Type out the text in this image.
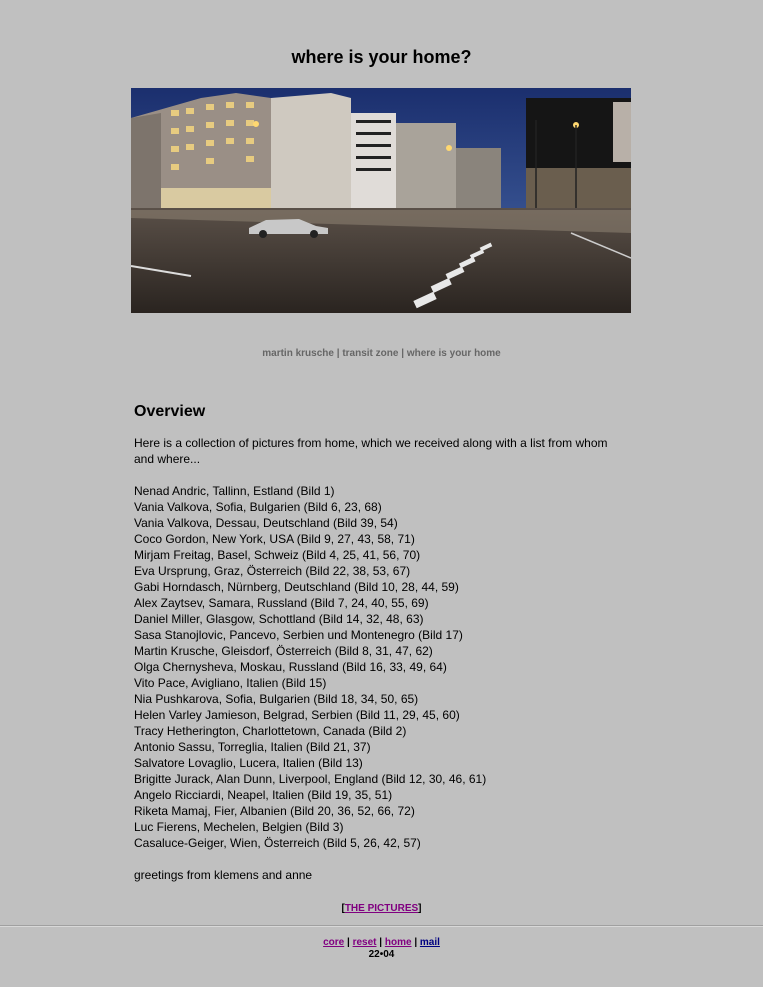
where is your home?
martin krusche | transit zone | where is your home
Overview

Here is a collection of pictures from home, which we received along with a list from whom and where...

Nenad Andric, Tallinn, Estland (Bild 1)
Vania Valkova, Sofia, Bulgarien (Bild 6, 23, 68)
Vania Valkova, Dessau, Deutschland (Bild 39, 54)
Coco Gordon, New York, USA (Bild 9, 27, 43, 58, 71)
Mirjam Freitag, Basel, Schweiz (Bild 4, 25, 41, 56, 70)
Eva Ursprung, Graz, Österreich (Bild 22, 38, 53, 67)
Gabi Horndasch, Nürnberg, Deutschland (Bild 10, 28, 44, 59)
Alex Zaytsev, Samara, Russland (Bild 7, 24, 40, 55, 69)
Daniel Miller, Glasgow, Schottland (Bild 14, 32, 48, 63)
Sasa Stanojlovic, Pancevo, Serbien und Montenegro (Bild 17)
Martin Krusche, Gleisdorf, Österreich (Bild 8, 31, 47, 62)
Olga Chernysheva, Moskau, Russland (Bild 16, 33, 49, 64)
Vito Pace, Avigliano, Italien (Bild 15)
Nia Pushkarova, Sofia, Bulgarien (Bild 18, 34, 50, 65)
Helen Varley Jamieson, Belgrad, Serbien (Bild 11, 29, 45, 60)
Tracy Hetherington, Charlottetown, Canada (Bild 2)
Antonio Sassu, Torreglia, Italien (Bild 21, 37)
Salvatore Lovaglio, Lucera, Italien (Bild 13)
Brigitte Jurack, Alan Dunn, Liverpool, England (Bild 12, 30, 46, 61)
Angelo Ricciardi, Neapel, Italien (Bild 19, 35, 51)
Riketa Mamaj, Fier, Albanien (Bild 20, 36, 52, 66, 72)
Luc Fierens, Mechelen, Belgien (Bild 3)
Casaluce-Geiger, Wien, Österreich (Bild 5, 26, 42, 57)

greetings from klemens and anne

[THE PICTURES]
core | reset | home | mail
22•04
